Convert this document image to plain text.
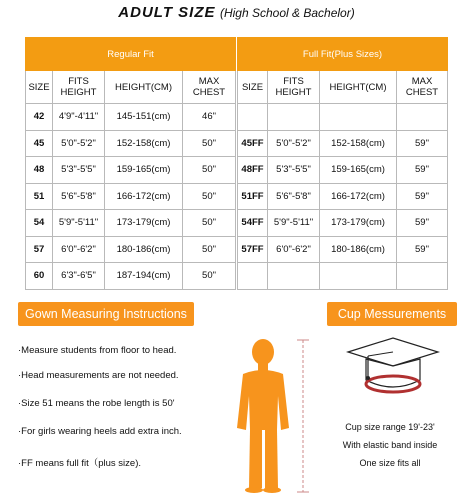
ADULT SIZE (High School & Bachelor)
Regular Fit			
SIZE	FITS HEIGHT	HEIGHT(CM)	MAX CHEST
42	4'9"-4'11"	145-151(cm)	46"
45	5'0"-5'2"	152-158(cm)	50"
48	5'3"-5'5"	159-165(cm)	50"
51	5'6"-5'8"	166-172(cm)	50"
54	5'9"-5'11"	173-179(cm)	50"
57	6'0"-6'2"	180-186(cm)	50"
60	6'3"-6'5"	187-194(cm)	50"
Full Fit(Plus Sizes)			
SIZE	FITS HEIGHT	HEIGHT(CM)	MAX CHEST

45FF	5'0"-5'2"	152-158(cm)	59"
48FF	5'3"-5'5"	159-165(cm)	59"
51FF	5'6"-5'8"	166-172(cm)	59"
54FF	5'9"-5'11"	173-179(cm)	59"
57FF	6'0"-6'2"	180-186(cm)	59"

Gown Measuring Instructions
·Measure students from floor to head.
·Head measurements are not needed.
·Size 51 means the robe length is 50'
·For girls wearing heels add extra inch.
·FF means full fit（plus size).
Cup Messurements
Cup size range 19'-23'
With elastic band inside
One size fits all
